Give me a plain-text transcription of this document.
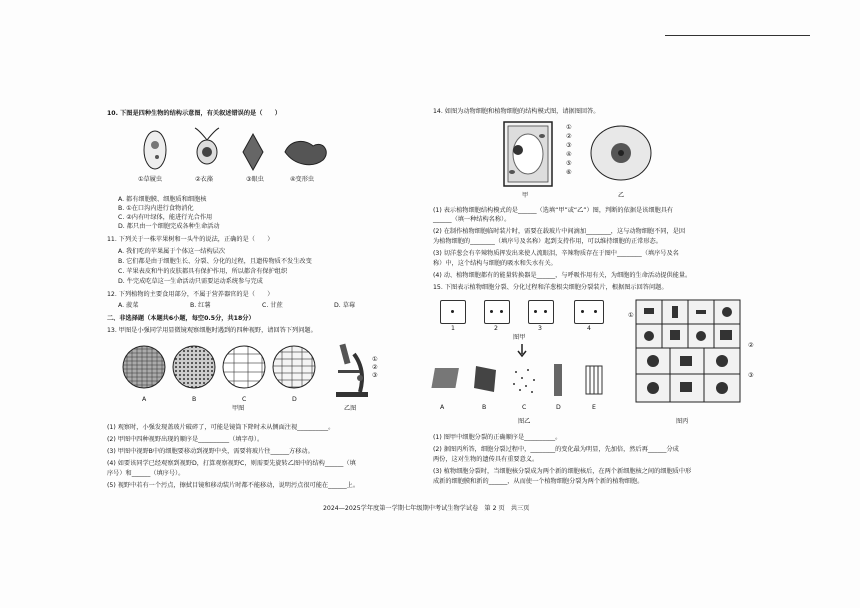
10. 下图是四种生物的结构示意图，有关叙述错误的是（　　）
①草履虫	②衣藻	③眼虫	④变形虫
A. 都有细胞膜、细胞质和细胞核
B. ①在口沟内进行食物消化
C. ②内有叶绿体，能进行光合作用
D. 都只由一个细胞完成各种生命活动
11. 下列关于一株苹果树和一头牛的说法，正确的是（　　）
A. 我们吃的苹果属于个体这一结构层次
B. 它们都是由于细胞生长、分裂、分化的过程，且遗传物质不发生改变
C. 苹果表皮和牛的皮肤都具有保护作用，所以都含有保护组织
D. 牛完成吃草这一生命活动只需要运动系统参与完成
12. 下列植物的主要食用部分，不属于营养器官的是（　　）
A. 菠菜	B. 红薯	C. 甘蔗	D. 草莓
二、非选择题（本题共6小题，每空0.5分，共18分）
13. 甲图是小强同学用显微镜观察细胞时遇到的四种视野，请回答下列问题。
A	B	C	D
甲图
①
②
③
乙图
(1) 观察时，小强发现盖玻片破碎了，可能是镜筒下降时未从侧面注视__________。
(2) 甲图中四种视野出现的顺序是__________（填字母）。
(3) 甲图中视野B中的细胞要移动到视野中央，需要将玻片往______方移动。
(4) 如要该同学已经观察到视野D，打算观察视野C，则需要先旋转乙图中的结构______（填
序号）和______（填序号）。
(5) 视野中若有一个污点，擦拭目镜和移动装片时都不能移动，说明污点很可能在______上。
14. 如图为动物细胞和植物细胞的结构模式图，请据图回答。
①
②
③
④
⑤
⑥
甲	乙
(1) 表示植物细胞结构模式的是______（选填“甲”或“乙”）图，判断的依据是该细胞具有
______（填一种结构名称）。
(2) 在制作植物细胞临时装片时，需要在载玻片中间滴加________，这与动物细胞不同，是因
为植物细胞的________（填序号及名称）起到支持作用，可以维持细胞的正常形态。
(3) 切洋葱会有辛辣物质挥发出来使人流眼泪，辛辣物质存在于图中________（填序号及名
称）中，这个结构与细胞的吸水和失水有关。
(4) 动、植物细胞都有的能量转换器是______，与呼吸作用有关，为细胞的生命活动提供能量。
15. 下图表示植物细胞分裂、分化过程和洋葱根尖细胞分裂装片，根据图示回答问题。
1	2	3	4
图甲
A	B	C	D	E
图乙
①
②
③
图丙
(1) 图甲中细胞分裂的正确顺序是__________。
(2) 据图丙所答，细胞分裂过程中，________的变化最为明显，先加倍，然后再______分成
两份，这对生物的遗传具有重要意义。
(3) 植物细胞分裂时，当细胞核分裂成为两个新的细胞核后，在两个新细胞核之间的细胞质中形
成新的细胞膜和新的______，从而使一个植物细胞分裂为两个新的植物细胞。
2024—2025学年度第一学期七年级期中考试生物学试卷　第 2 页　共三页
